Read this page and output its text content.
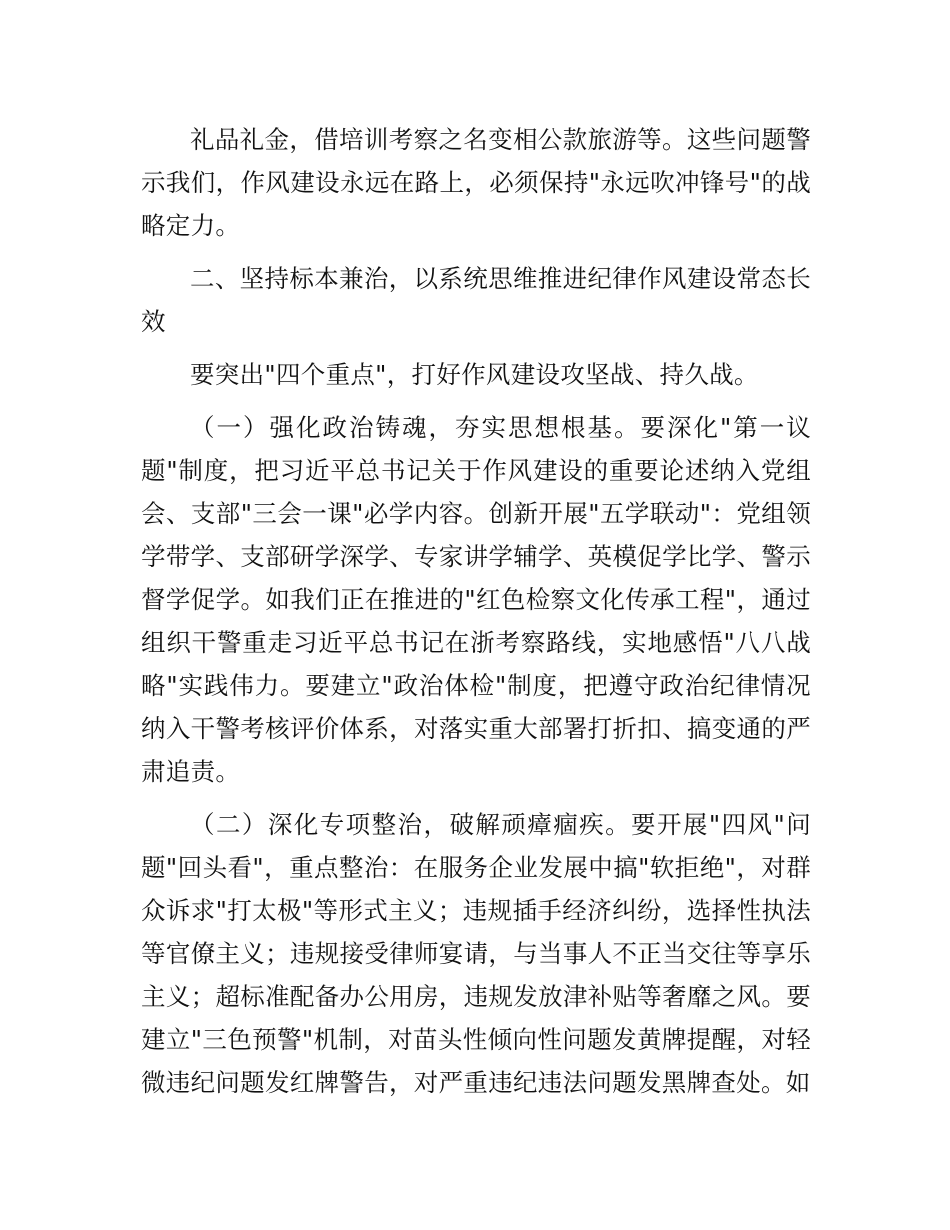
礼品礼金，借培训考察之名变相公款旅游等。这些问题警示我们，作风建设永远在路上，必须保持"永远吹冲锋号"的战略定力。

二、坚持标本兼治，以系统思维推进纪律作风建设常态长效

要突出"四个重点"，打好作风建设攻坚战、持久战。

（一）强化政治铸魂，夯实思想根基。要深化"第一议题"制度，把习近平总书记关于作风建设的重要论述纳入党组会、支部"三会一课"必学内容。创新开展"五学联动"：党组领学带学、支部研学深学、专家讲学辅学、英模促学比学、警示督学促学。如我们正在推进的"红色检察文化传承工程"，通过组织干警重走习近平总书记在浙考察路线，实地感悟"八八战略"实践伟力。要建立"政治体检"制度，把遵守政治纪律情况纳入干警考核评价体系，对落实重大部署打折扣、搞变通的严肃追责。

（二）深化专项整治，破解顽瘴痼疾。要开展"四风"问题"回头看"，重点整治：在服务企业发展中搞"软拒绝"，对群众诉求"打太极"等形式主义；违规插手经济纠纷，选择性执法等官僚主义；违规接受律师宴请，与当事人不正当交往等享乐主义；超标准配备办公用房，违规发放津补贴等奢靡之风。要建立"三色预警"机制，对苗头性倾向性问题发黄牌提醒，对轻微违纪问题发红牌警告，对严重违纪违法问题发黑牌查处。如
